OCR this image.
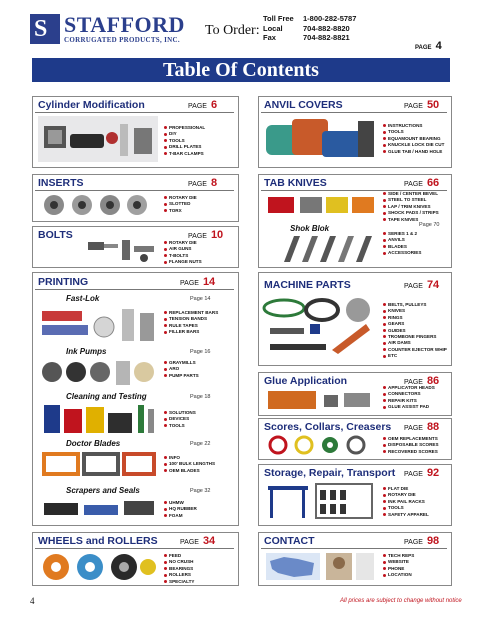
S STAFFORD
CORRUGATED PRODUCTS, INC.
To Order:
Toll Free	1-800-282-5787
Local	704-882-8820
Fax	704-882-8821
PAGE 4
Table Of Contents
Cylinder Modification	PAGE 6
PROFESSIONAL
DIY
TOOLS
DRILL PLATES
T-BAR CLAMPS
INSERTS	PAGE 8
ROTARY DIE
SLOTTED
TORX
BOLTS	PAGE 10
ROTARY DIE
AIR GUNS
T-BOLTS
FLANGE NUTS
PRINTING	PAGE 14
Fast-Lok	Page 14
REPLACEMENT BARS
TENSION BANDS
RULE TAPES
FILLER BARS
Ink Pumps	Page 16
GRAYMILLS
ARO
PUMP PARTS
Cleaning and Testing	Page 18
SOLUTIONS
DEVICES
TOOLS
Doctor Blades	Page 22
INFO
100' BULK LENGTHS
OEM BLADES
Scrapers and Seals	Page 32
UHMW
HQ RUBBER
FOAM
WHEELS and ROLLERS	PAGE 34
FEED
NO CRUSH
BEARINGS
ROLLERS
SPECIALTY
ANVIL COVERS	PAGE 50
INSTRUCTIONS
TOOLS
EQUAMOUNT BEARING
KNUCKLE LOCK DIE CUT
GLUE TAB / HAND HOLE
TAB KNIVES	PAGE 66
SIDE / CENTER BEVEL
STEEL TO STEEL
LAP / TRIM KNIVES
SHOCK PADS / STRIPS
TAPE KNIVES
Shok Blok	Page 70
SERIES 1 & 2
ANVILS
BLADES
ACCESSORIES
MACHINE PARTS	PAGE 74
BELTS, PULLEYS
KNIVES
RINGS
GEARS
GUIDES
TROMBONE FINGERS
AIR DAMS
COUNTER EJECTOR WHIP
ETC
Glue Application	PAGE 86
APPLICATOR HEADS
CONNECTORS
REPAIR KITS
GLUE ASSIST PAD
Scores, Collars, Creasers PAGE 88
OEM REPLACEMENTS
DISPOSABLE SCORES
RECOVERED SCORES
Storage, Repair, Transport PAGE 92
FLAT DIE
ROTARY DIE
INK PAIL RACKS
TOOLS
SAFETY APPAREL
CONTACT	PAGE 98
TECH REPS
WEBSITE
PHONE
LOCATION
4	All prices are subject to change without notice
